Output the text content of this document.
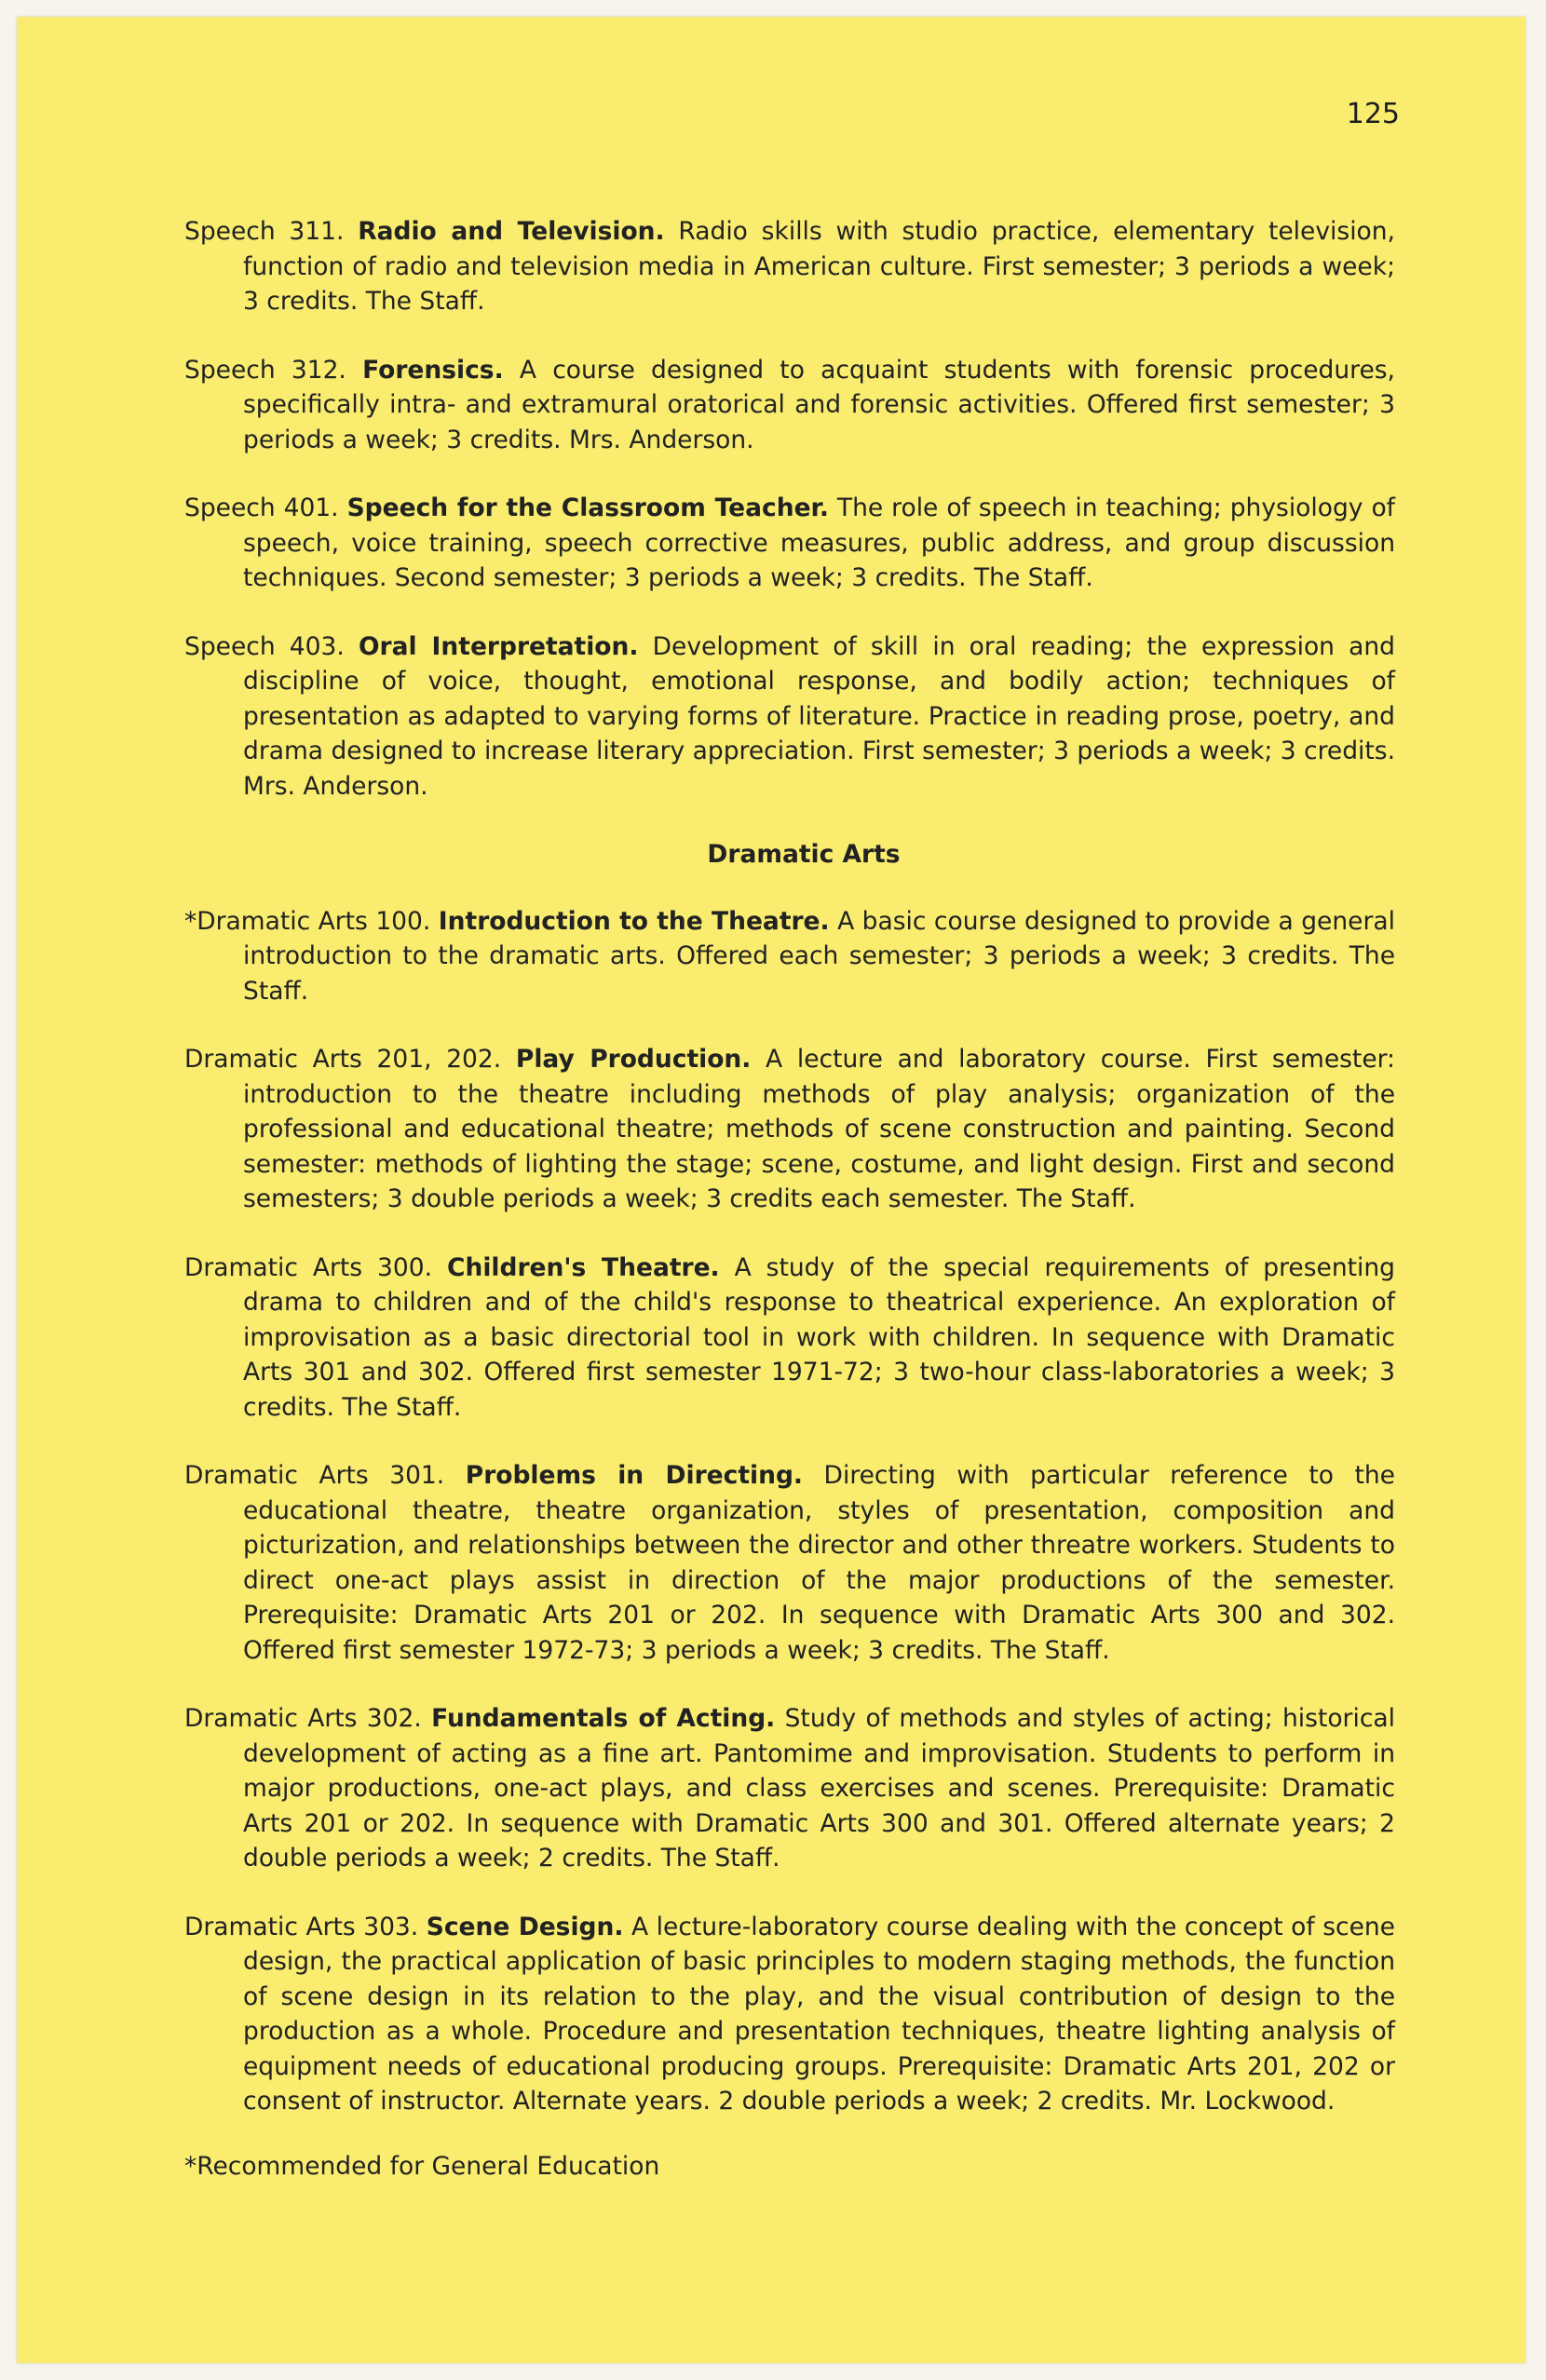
125

Speech 311. Radio and Television. Radio skills with studio practice, elementary television, function of radio and television media in American culture. First semester; 3 periods a week; 3 credits. The Staff.

Speech 312. Forensics. A course designed to acquaint students with forensic procedures, specifically intra- and extramural oratorical and forensic activities. Offered first semester; 3 periods a week; 3 credits. Mrs. Anderson.

Speech 401. Speech for the Classroom Teacher. The role of speech in teaching; physiology of speech, voice training, speech corrective measures, public address, and group discussion techniques. Second semester; 3 periods a week; 3 credits. The Staff.

Speech 403. Oral Interpretation. Development of skill in oral reading; the expression and discipline of voice, thought, emotional response, and bodily action; techniques of presentation as adapted to varying forms of literature. Practice in reading prose, poetry, and drama designed to increase literary appreciation. First semester; 3 periods a week; 3 credits. Mrs. Anderson.

Dramatic Arts

*Dramatic Arts 100. Introduction to the Theatre. A basic course designed to provide a general introduction to the dramatic arts. Offered each semester; 3 periods a week; 3 credits. The Staff.

Dramatic Arts 201, 202. Play Production. A lecture and laboratory course. First semester: introduction to the theatre including methods of play analysis; organization of the professional and educational theatre; methods of scene construction and painting. Second semester: methods of lighting the stage; scene, costume, and light design. First and second semesters; 3 double periods a week; 3 credits each semester. The Staff.

Dramatic Arts 300. Children's Theatre. A study of the special requirements of presenting drama to children and of the child's response to theatrical experience. An exploration of improvisation as a basic directorial tool in work with children. In sequence with Dramatic Arts 301 and 302. Offered first semester 1971-72; 3 two-hour class-laboratories a week; 3 credits. The Staff.

Dramatic Arts 301. Problems in Directing. Directing with particular reference to the educational theatre, theatre organization, styles of presentation, composition and picturization, and relationships between the director and other threatre workers. Students to direct one-act plays assist in direction of the major productions of the semester. Prerequisite: Dramatic Arts 201 or 202. In sequence with Dramatic Arts 300 and 302. Offered first semester 1972-73; 3 periods a week; 3 credits. The Staff.

Dramatic Arts 302. Fundamentals of Acting. Study of methods and styles of acting; historical development of acting as a fine art. Pantomime and improvisation. Students to perform in major productions, one-act plays, and class exercises and scenes. Prerequisite: Dramatic Arts 201 or 202. In sequence with Dramatic Arts 300 and 301. Offered alternate years; 2 double periods a week; 2 credits. The Staff.

Dramatic Arts 303. Scene Design. A lecture-laboratory course dealing with the concept of scene design, the practical application of basic principles to modern staging methods, the function of scene design in its relation to the play, and the visual contribution of design to the production as a whole. Procedure and presentation techniques, theatre lighting analysis of equipment needs of educational producing groups. Prerequisite: Dramatic Arts 201, 202 or consent of instructor. Alternate years. 2 double periods a week; 2 credits. Mr. Lockwood.

*Recommended for General Education
